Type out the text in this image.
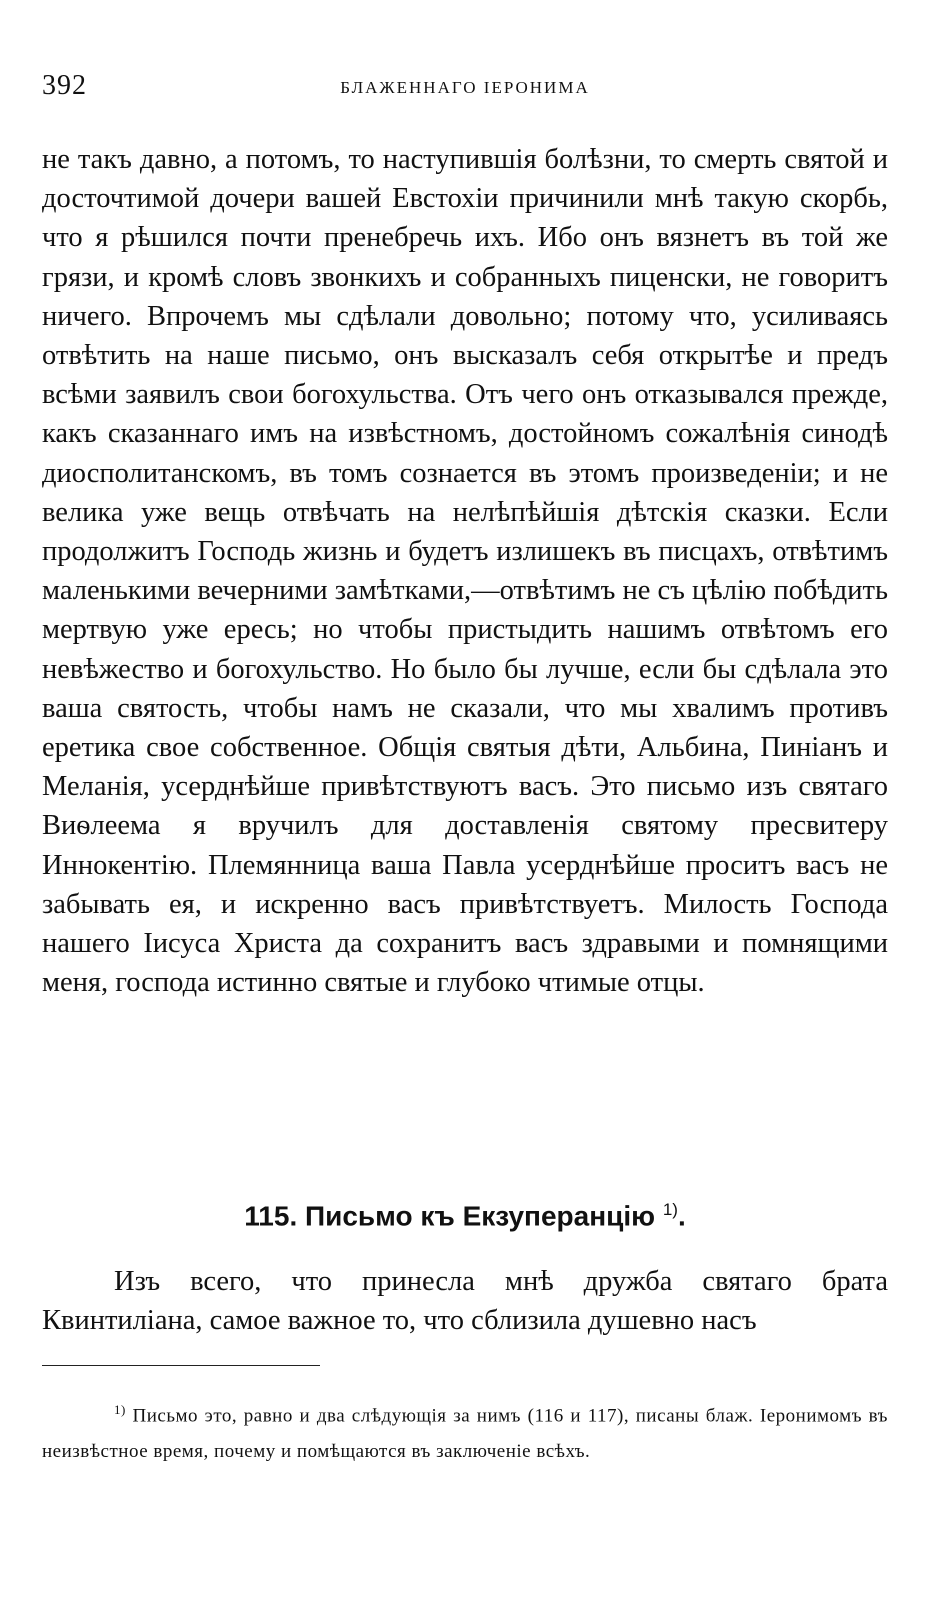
392	БЛАЖЕННАГО ІЕРОНИМА

не такъ давно, а потомъ, то наступившія болѣзни, то смерть святой и досточтимой дочери вашей Евстохіи причинили мнѣ такую скорбь, что я рѣшился почти пренебречь ихъ. Ибо онъ вязнетъ въ той же грязи, и кромѣ словъ звонкихъ и собранныхъ пиценски, не говоритъ ничего. Впрочемъ мы сдѣлали довольно; потому что, усиливаясь отвѣтить на наше письмо, онъ высказалъ себя открытѣе и предъ всѣми заявилъ свои богохульства. Отъ чего онъ отказывался прежде, какъ сказаннаго имъ на извѣстномъ, достойномъ сожалѣнія синодѣ диосполитанскомъ, въ томъ сознается въ этомъ произведеніи; и не велика уже вещь отвѣчать на нелѣпѣйшія дѣтскія сказки. Если продолжитъ Господь жизнь и будетъ излишекъ въ писцахъ, отвѣтимъ маленькими вечерними замѣтками,—отвѣтимъ не съ цѣлію побѣдить мертвую уже ересь; но чтобы пристыдить нашимъ отвѣтомъ его невѣжество и богохульство. Но было бы лучше, если бы сдѣлала это ваша святость, чтобы намъ не сказали, что мы хвалимъ противъ еретика свое собственное. Общія святыя дѣти, Альбина, Пиніанъ и Меланія, усерднѣйше привѣтствуютъ васъ. Это письмо изъ святаго Виѳлеема я вручилъ для доставленія святому пресвитеру Иннокентію. Племянница ваша Павла усерднѣйше проситъ васъ не забывать ея, и искренно васъ привѣтствуетъ. Милость Господа нашего Іисуса Христа да сохранитъ васъ здравыми и помнящими меня, господа истинно святые и глубоко чтимые отцы.

115. Письмо къ Екзуперанцію $^{1)}$.

Изъ всего, что принесла мнѣ дружба святаго брата Квинтиліана, самое важное то, что сблизила душевно насъ

$^{1)}$ Письмо это, равно и два слѣдующія за нимъ (116 и 117), писаны блаж. Іеронимомъ въ неизвѣстное время, почему и помѣщаются въ заключеніе всѣхъ.
